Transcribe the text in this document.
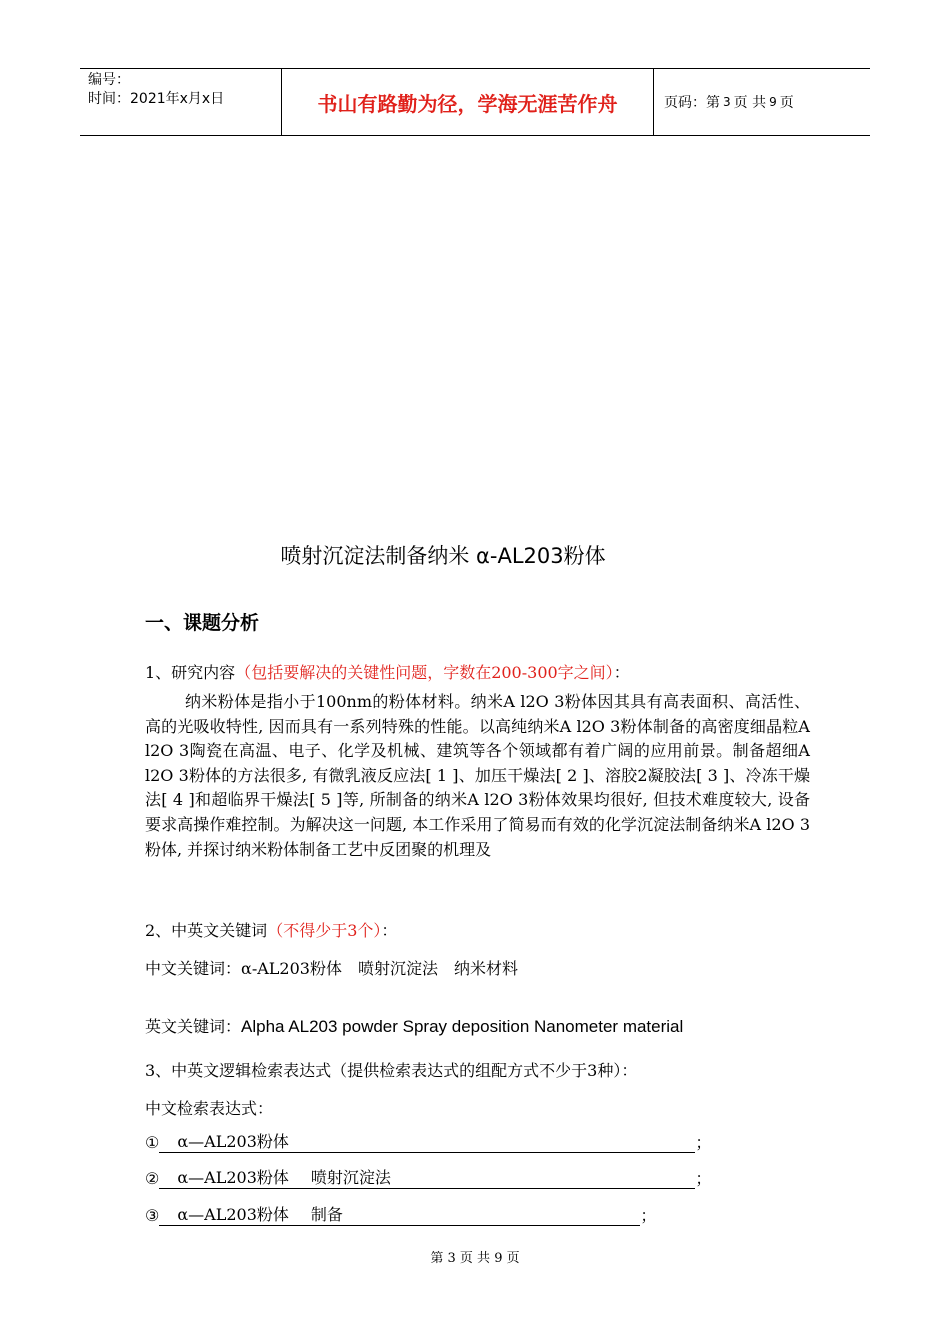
编号：
时间：2021年x月x日	书山有路勤为径，学海无涯苦作舟	页码：第 3 页 共 9 页
喷射沉淀法制备纳米 α-AL203粉体
一、课题分析
1、研究内容（包括要解决的关键性问题，字数在200-300字之间）：
纳米粉体是指小于100nm的粉体材料。纳米A l2O 3粉体因其具有高表面积、高活性、高的光吸收特性, 因而具有一系列特殊的性能。以高纯纳米A l2O 3粉体制备的高密度细晶粒A l2O 3陶瓷在高温、电子、化学及机械、建筑等各个领域都有着广阔的应用前景。制备超细A l2O 3粉体的方法很多, 有微乳液反应法[ 1 ]、加压干燥法[ 2 ]、溶胶2凝胶法[ 3 ]、冷冻干燥法[ 4 ]和超临界干燥法[ 5 ]等, 所制备的纳米A l2O 3粉体效果均很好, 但技术难度较大, 设备要求高操作难控制。为解决这一问题, 本工作采用了简易而有效的化学沉淀法制备纳米A l2O 3粉体, 并探讨纳米粉体制备工艺中反团聚的机理及
2、中英文关键词（不得少于3个）：
中文关键词：α-AL203粉体 喷射沉淀法 纳米材料
英文关键词：Alpha AL203 powder Spray deposition Nanometer material
3、中英文逻辑检索表达式（提供检索表达式的组配方式不少于3种）：
中文检索表达式：
① α—AL203粉体	；
② α—AL203粉体 喷射沉淀法	；
③ α—AL203粉体 制备	；
第 3 页 共 9 页
